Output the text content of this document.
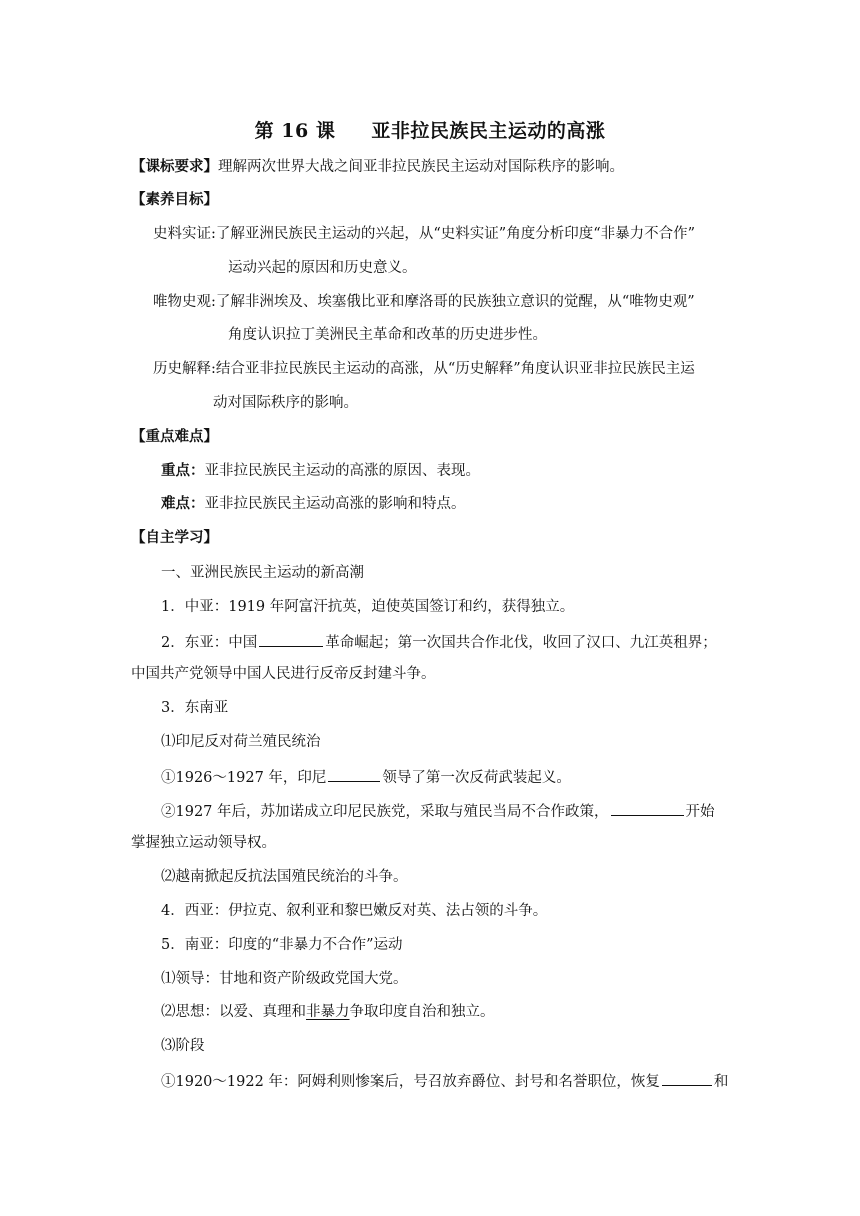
第 16 课 亚非拉民族民主运动的高涨
【课标要求】理解两次世界大战之间亚非拉民族民主运动对国际秩序的影响。
【素养目标】
史料实证:了解亚洲民族民主运动的兴起，从“史料实证”角度分析印度“非暴力不合作”
运动兴起的原因和历史意义。
唯物史观:了解非洲埃及、埃塞俄比亚和摩洛哥的民族独立意识的觉醒，从“唯物史观”
角度认识拉丁美洲民主革命和改革的历史进步性。
历史解释:结合亚非拉民族民主运动的高涨，从“历史解释”角度认识亚非拉民族民主运
动对国际秩序的影响。
【重点难点】
重点：亚非拉民族民主运动的高涨的原因、表现。
难点：亚非拉民族民主运动高涨的影响和特点。
【自主学习】
一、亚洲民族民主运动的新高潮
1．中亚：1919 年阿富汗抗英，迫使英国签订和约，获得独立。
2．东亚：中国	革命崛起；第一次国共合作北伐，收回了汉口、九江英租界；
中国共产党领导中国人民进行反帝反封建斗争。
3．东南亚
⑴印尼反对荷兰殖民统治
①1926～1927 年，印尼	领导了第一次反荷武装起义。
②1927 年后，苏加诺成立印尼民族党，采取与殖民当局不合作政策，	开始
掌握独立运动领导权。
⑵越南掀起反抗法国殖民统治的斗争。
4．西亚：伊拉克、叙利亚和黎巴嫩反对英、法占领的斗争。
5．南亚：印度的“非暴力不合作”运动
⑴领导：甘地和资产阶级政党国大党。
⑵思想：以爱、真理和非暴力争取印度自治和独立。
⑶阶段
①1920～1922 年：阿姆利则惨案后，号召放弃爵位、封号和名誉职位，恢复	和
